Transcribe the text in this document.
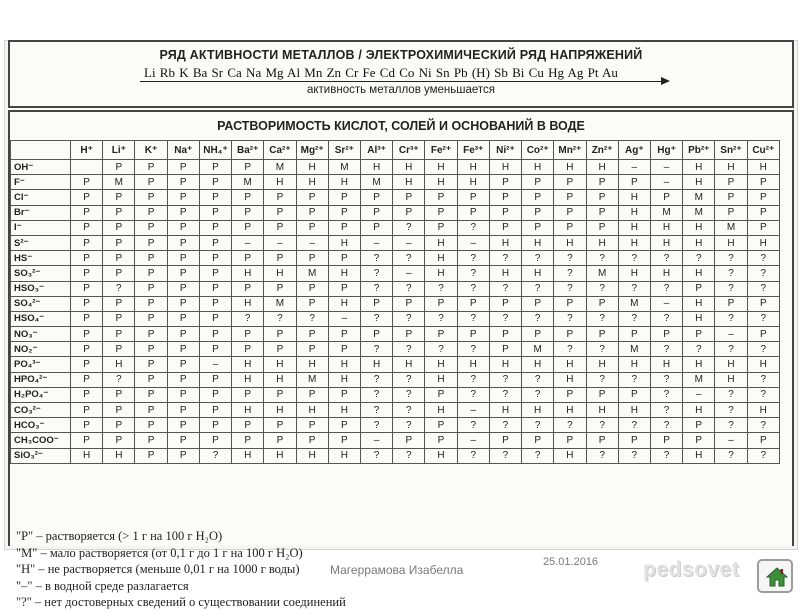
РЯД АКТИВНОСТИ МЕТАЛЛОВ / ЭЛЕКТРОХИМИЧЕСКИЙ РЯД НАПРЯЖЕНИЙ
Li Rb K Ba Sr Ca Na Mg Al Mn Zn Cr Fe Cd Co Ni Sn Pb (H) Sb Bi Cu Hg Ag Pt Au
активность металлов уменьшается
РАСТВОРИМОСТЬ КИСЛОТ, СОЛЕЙ И ОСНОВАНИЙ В ВОДЕ
	H⁺	Li⁺	K⁺	Na⁺	NH₄⁺	Ba²⁺	Ca²⁺	Mg²⁺	Sr²⁺	Al³⁺	Cr³⁺	Fe²⁺	Fe³⁺	Ni²⁺	Co²⁺	Mn²⁺	Zn²⁺	Ag⁺	Hg⁺	Pb²⁺	Sn²⁺	Cu²⁺
OH⁻		Р	Р	Р	Р	Р	М	Н	М	Н	Н	Н	Н	Н	Н	Н	Н	–	–	Н	Н	Н
F⁻	Р	М	Р	Р	Р	М	Н	Н	Н	М	Н	Н	Н	Р	Р	Р	Р	Р	–	Н	Р	Р
Cl⁻	Р	Р	Р	Р	Р	Р	Р	Р	Р	Р	Р	Р	Р	Р	Р	Р	Р	Н	Р	М	Р	Р
Br⁻	Р	Р	Р	Р	Р	Р	Р	Р	Р	Р	Р	Р	Р	Р	Р	Р	Р	Н	М	М	Р	Р
I⁻	Р	Р	Р	Р	Р	Р	Р	Р	Р	Р	?	Р	?	Р	Р	Р	Р	Н	Н	Н	М	Р
S²⁻	Р	Р	Р	Р	Р	–	–	–	Н	–	–	Н	–	Н	Н	Н	Н	Н	Н	Н	Н	Н
HS⁻	Р	Р	Р	Р	Р	Р	Р	Р	Р	?	?	Н	?	?	?	?	?	?	?	?	?	?
SO₃²⁻	Р	Р	Р	Р	Р	Н	Н	М	Н	?	–	Н	?	Н	Н	?	М	Н	Н	Н	?	?
HSO₃⁻	Р	?	Р	Р	Р	Р	Р	Р	Р	?	?	?	?	?	?	?	?	?	?	Р	?	?
SO₄²⁻	Р	Р	Р	Р	Р	Н	М	Р	Н	Р	Р	Р	Р	Р	Р	Р	Р	М	–	Н	Р	Р
HSO₄⁻	Р	Р	Р	Р	Р	?	?	?	–	?	?	?	?	?	?	?	?	?	?	Н	?	?
NO₃⁻	Р	Р	Р	Р	Р	Р	Р	Р	Р	Р	Р	Р	Р	Р	Р	Р	Р	Р	Р	Р	–	Р
NO₂⁻	Р	Р	Р	Р	Р	Р	Р	Р	Р	?	?	?	?	Р	М	?	?	М	?	?	?	?
PO₄³⁻	Р	Н	Р	Р	–	Н	Н	Н	Н	Н	Н	Н	Н	Н	Н	Н	Н	Н	Н	Н	Н	Н
HPO₄²⁻	Р	?	Р	Р	Р	Н	Н	М	Н	?	?	Н	?	?	?	Н	?	?	?	М	Н	?
H₂PO₄⁻	Р	Р	Р	Р	Р	Р	Р	Р	Р	?	?	Р	?	?	?	Р	Р	Р	?	–	?	?
CO₃²⁻	Р	Р	Р	Р	Р	Н	Н	Н	Н	?	?	Н	–	Н	Н	Н	Н	Н	?	Н	?	Н
HCO₃⁻	Р	Р	Р	Р	Р	Р	Р	Р	Р	?	?	Р	?	?	?	?	?	?	?	Р	?	?
CH₃COO⁻	Р	Р	Р	Р	Р	Р	Р	Р	Р	–	Р	Р	–	Р	Р	Р	Р	Р	Р	Р	–	Р
SiO₃²⁻	Н	Н	Р	Р	?	Н	Н	Н	Н	?	?	Н	?	?	?	Н	?	?	?	Н	?	?
"Р" – растворяется (> 1 г на 100 г H₂O)
"М" – мало растворяется (от 0,1 г до 1 г на 100 г H₂O)
"Н" – не растворяется (меньше 0,01 г на 1000 г воды)
"–" – в водной среде разлагается
"?" – нет достоверных сведений о существовании соединений
Магеррамова Изабелла
25.01.2016 pedsovet
